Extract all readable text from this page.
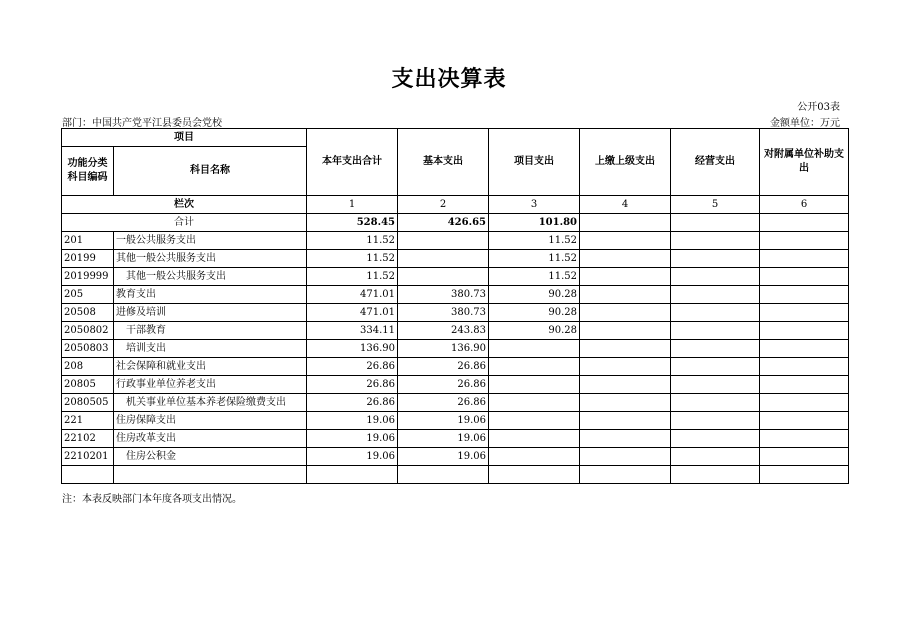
支出决算表
公开03表
部门：中国共产党平江县委员会党校	金额单位：万元
项目		本年支出合计	基本支出	项目支出	上缴上级支出	经营支出	对附属单位补助支出
功能分类科目编码	科目名称						
栏次		1	2	3	4	5	6
合计		528.45	426.65	101.80			
201	一般公共服务支出	11.52		11.52			
20199	其他一般公共服务支出	11.52		11.52			
2019999	其他一般公共服务支出	11.52		11.52			
205	教育支出	471.01	380.73	90.28			
20508	进修及培训	471.01	380.73	90.28			
2050802	干部教育	334.11	243.83	90.28			
2050803	培训支出	136.90	136.90				
208	社会保障和就业支出	26.86	26.86				
20805	行政事业单位养老支出	26.86	26.86				
2080505	机关事业单位基本养老保险缴费支出	26.86	26.86				
221	住房保障支出	19.06	19.06				
22102	住房改革支出	19.06	19.06				
2210201	住房公积金	19.06	19.06				

注：本表反映部门本年度各项支出情况。
